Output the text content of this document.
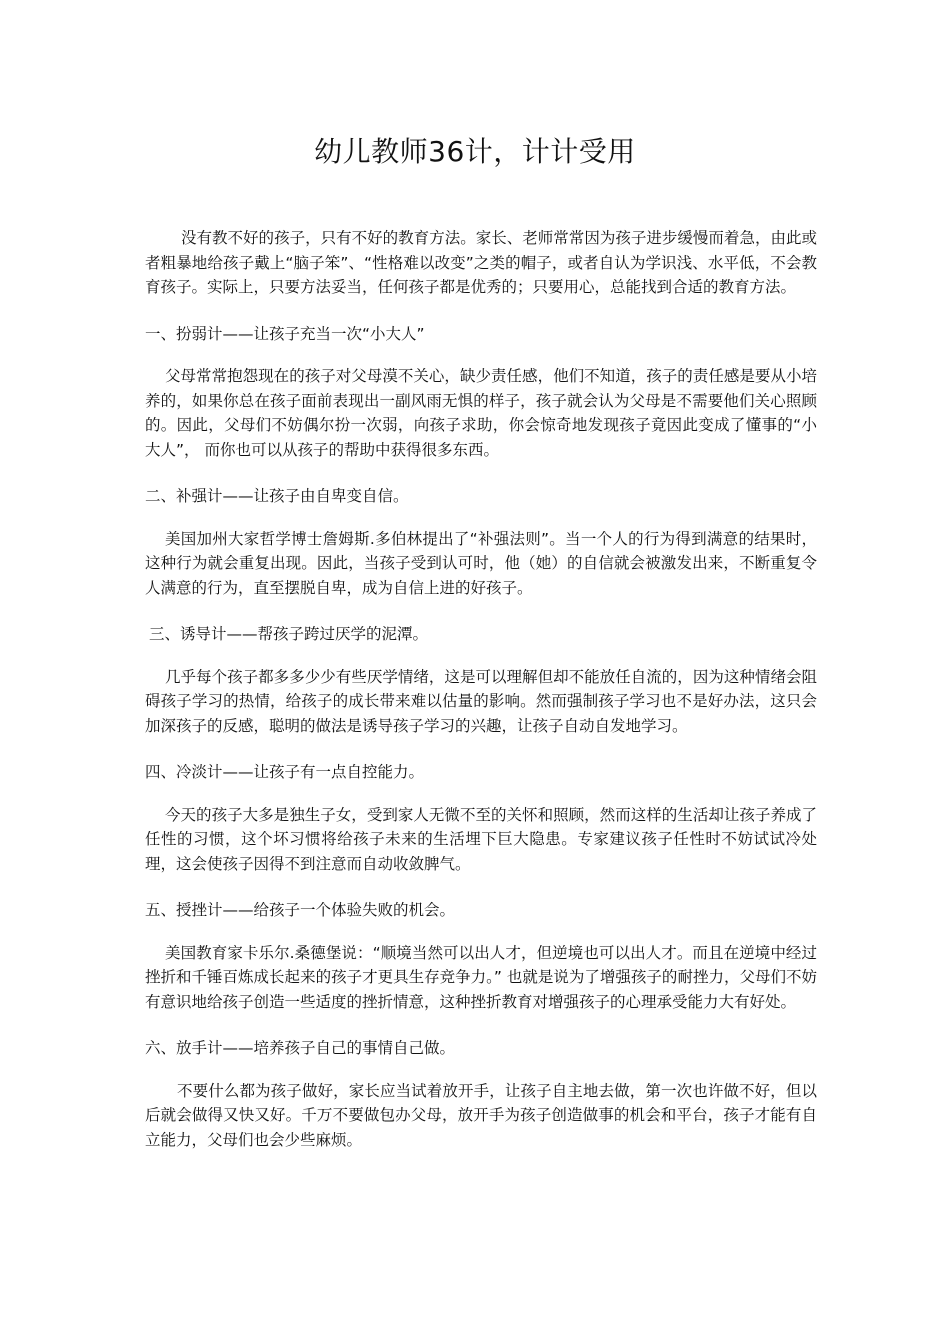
幼儿教师36计，计计受用

没有教不好的孩子，只有不好的教育方法。家长、老师常常因为孩子进步缓慢而着急，由此或者粗暴地给孩子戴上“脑子笨”、“性格难以改变”之类的帽子，或者自认为学识浅、水平低，不会教育孩子。实际上，只要方法妥当，任何孩子都是优秀的；只要用心，总能找到合适的教育方法。

一、扮弱计——让孩子充当一次“小大人”

父母常常抱怨现在的孩子对父母漠不关心，缺少责任感，他们不知道，孩子的责任感是要从小培养的，如果你总在孩子面前表现出一副风雨无惧的样子，孩子就会认为父母是不需要他们关心照顾的。因此，父母们不妨偶尔扮一次弱，向孩子求助，你会惊奇地发现孩子竟因此变成了懂事的“小大人”， 而你也可以从孩子的帮助中获得很多东西。

二、补强计——让孩子由自卑变自信。

美国加州大家哲学博士詹姆斯.多伯林提出了“补强法则”。当一个人的行为得到满意的结果时，这种行为就会重复出现。因此，当孩子受到认可时，他（她）的自信就会被激发出来，不断重复令人满意的行为，直至摆脱自卑，成为自信上进的好孩子。

三、诱导计——帮孩子跨过厌学的泥潭。

几乎每个孩子都多多少少有些厌学情绪，这是可以理解但却不能放任自流的，因为这种情绪会阻碍孩子学习的热情，给孩子的成长带来难以估量的影响。然而强制孩子学习也不是好办法，这只会加深孩子的反感，聪明的做法是诱导孩子学习的兴趣，让孩子自动自发地学习。

四、冷淡计——让孩子有一点自控能力。

今天的孩子大多是独生子女，受到家人无微不至的关怀和照顾，然而这样的生活却让孩子养成了任性的习惯，这个坏习惯将给孩子未来的生活埋下巨大隐患。专家建议孩子任性时不妨试试冷处理，这会使孩子因得不到注意而自动收敛脾气。

五、授挫计——给孩子一个体验失败的机会。

美国教育家卡乐尔.桑德堡说：“顺境当然可以出人才，但逆境也可以出人才。而且在逆境中经过挫折和千锤百炼成长起来的孩子才更具生存竞争力。” 也就是说为了增强孩子的耐挫力，父母们不妨有意识地给孩子创造一些适度的挫折情意，这种挫折教育对增强孩子的心理承受能力大有好处。

六、放手计——培养孩子自己的事情自己做。

不要什么都为孩子做好，家长应当试着放开手，让孩子自主地去做，第一次也许做不好，但以后就会做得又快又好。千万不要做包办父母，放开手为孩子创造做事的机会和平台，孩子才能有自立能力，父母们也会少些麻烦。
